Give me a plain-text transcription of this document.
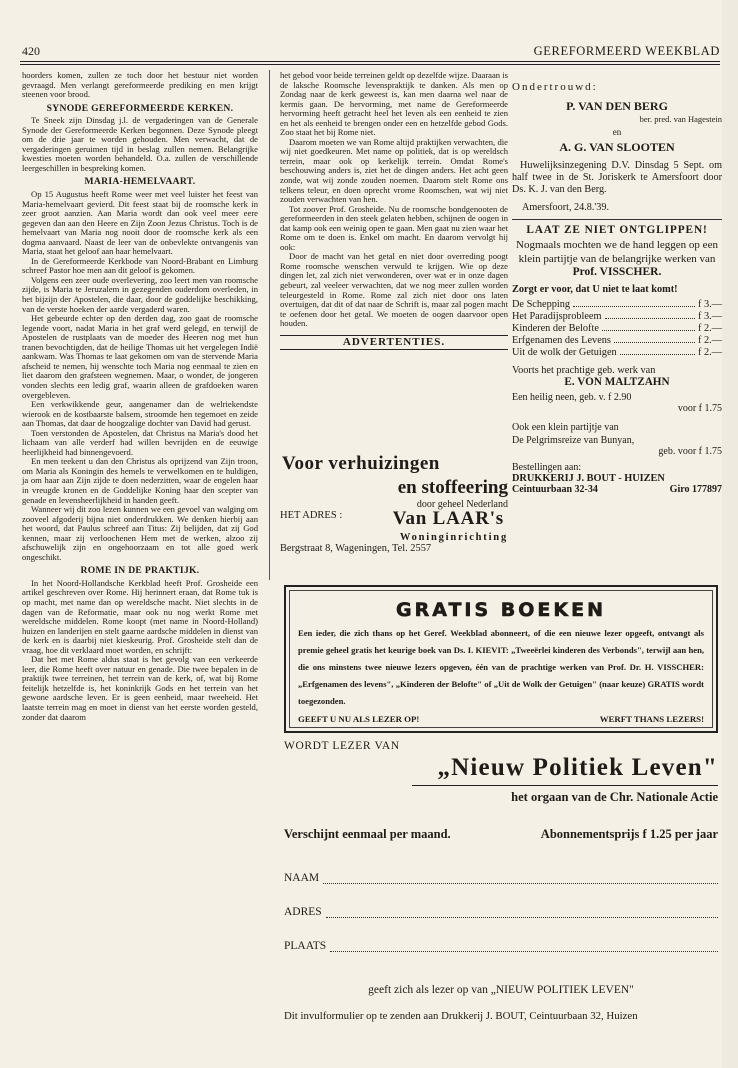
420	GEREFORMEERD WEEKBLAD

hoorders komen, zullen ze toch door het bestuur niet worden gevraagd. Men verlangt gereformeerde prediking en men krijgt steenen voor brood.

SYNODE GEREFORMEERDE KERKEN.

Te Sneek zijn Dinsdag j.l. de vergaderingen van de Generale Synode der Gereformeerde Kerken begonnen. Deze Synode pleegt om de drie jaar te worden gehouden. Men verwacht, dat de vergaderingen geruimen tijd in beslag zullen nemen. Belangrijke kwesties moeten worden behandeld. O.a. zullen de verschillende leergeschillen in bespreking komen.

MARIA-HEMELVAART.

Op 15 Augustus heeft Rome weer met veel luister het feest van Maria-hemelvaart gevierd. Dit feest staat bij de roomsche kerk in zeer groot aanzien. Aan Maria wordt dan ook veel meer eere gegeven dan aan den Heere en Zijn Zoon Jezus Christus. Toch is de hemelvaart van Maria nog nooit door de roomsche kerk als een dogma aanvaard. Naast de leer van de onbevlekte ontvangenis van Maria, staat het geloof aan haar hemelvaart.

In de Gereformeerde Kerkbode van Noord-Brabant en Limburg schreef Pastor hoe men aan dit geloof is gekomen.

Volgens een zeer oude overlevering, zoo leert men van roomsche zijde, is Maria te Jeruzalem in gezegenden ouderdom overleden, in het bijzijn der Apostelen, die daar, door de goddelijke beschikking, van de verste hoeken der aarde vergaderd waren.

Het gebeurde echter op den derden dag, zoo gaat de roomsche legende voort, nadat Maria in het graf werd gelegd, en terwijl de Apostelen de rustplaats van de moeder des Heeren nog met hun tranen bevochtigden, dat de heilige Thomas uit het vergelegen Indië aankwam. Was Thomas te laat gekomen om van de stervende Maria afscheid te nemen, hij wenschte toch Maria nog eenmaal te zien en liet daarom den grafsteen wegnemen. Maar, o wonder, de jongeren vonden slechts een ledig graf, waarin alleen de grafdoeken waren overgebleven.

Een verkwikkende geur, aangenamer dan de welriekendste wierook en de kostbaarste balsem, stroomde hen tegemoet en zeide aan Thomas, dat daar de hoogzalige dochter van David had gerust.

Toen verstonden de Apostelen, dat Christus na Maria's dood het lichaam van alle verderf had willen bevrijden en de eeuwige heerlijkheid had binnengevoerd.

En men teekent u dan den Christus als oprijzend van Zijn troon, om Maria als Koningin des hemels te verwelkomen en te huldigen, ja om haar aan Zijn zijde te doen nederzitten, waar de engelen haar in vreugde kronen en de Goddelijke Koning haar den scepter van genade en levensheerlijkheid in handen geeft.

Wanneer wij dit zoo lezen kunnen we een gevoel van walging om zooveel afgoderij bijna niet onderdrukken. We denken hierbij aan het woord, dat Paulus schreef aan Titus: Zij belijden, dat zij God kennen, maar zij verloochenen Hem met de werken, alzoo zij afschuwelijk zijn en ongehoorzaam en tot alle goed werk ongeschikt.

ROME IN DE PRAKTIJK.

In het Noord-Hollandsche Kerkblad heeft Prof. Grosheide een artikel geschreven over Rome. Hij herinnert eraan, dat Rome tuk is op macht, met name dan op wereldsche macht. Niet slechts in de dagen van de Reformatie, maar ook nu nog werkt Rome met wereldsche middelen. Rome koopt (met name in Noord-Holland) huizen en landerijen en stelt gaarne aardsche middelen in dienst van de kerk en is daarbij niet kieskeurig. Prof. Grosheide stelt dan de vraag, hoe dit verklaard moet worden, en schrijft:

Dat het met Rome aldus staat is het gevolg van een verkeerde leer, die Rome heeft over natuur en genade. Die twee bepalen in de praktijk twee terreinen, het terrein van de kerk, of, wat bij Rome feitelijk hetzelfde is, het koninkrijk Gods en het terrein van het gewone aardsche leven. Er is geen eenheid, maar tweeheid. Het laatste terrein mag en moet in dienst van het eerste worden gesteld, zonder dat daarom

het gebod voor beide terreinen geldt op dezelfde wijze. Daaraan is de laksche Roomsche levenspraktijk te danken. Als men op Zondag naar de kerk geweest is, kan men daarna wel naar de kermis gaan. De hervorming, met name de Gereformeerde hervorming heeft getracht heel het leven als een eenheid te zien en het als eenheid te brengen onder een en hetzelfde gebod Gods. Zoo staat het bij Rome niet.

Daarom moeten we van Rome altijd praktijken verwachten, die wij niet goedkeuren. Met name op politiek, dat is op wereldsch terrein, maar ook op kerkelijk terrein. Omdat Rome's beschouwing anders is, ziet het de dingen anders. Het acht geen zonde, wat wij zonde zouden noemen. Daarom stelt Rome ons telkens teleur, en doen oprecht vrome Roomschen, wat wij niet zouden verwachten van hen.

Tot zoover Prof. Grosheide. Nu de roomsche bondgenooten de gereformeerden in den steek gelaten hebben, schijnen de oogen in dat kamp ook een weinig open te gaan. Men gaat nu zien waar het Rome om te doen is. Enkel om macht. En daarom vervolgt hij ook:

Door de macht van het getal en niet door overreding poogt Rome roomsche wenschen verwuld te krijgen. Wie op deze dingen let, zal zich niet verwonderen, over wat er in onze dagen gebeurt, zal veeleer verwachten, dat we nog meer zullen worden teleurgesteld in Rome. Rome zal zich niet door ons laten overtuigen, dat dit of dat naar de Schrift is, maar zal pogen macht te oefenen door het getal. We moeten de oogen daarvoor open houden.

ADVERTENTIES.
Voor verhuizingen
en stoffeering
door geheel Nederland
HET ADRES :	Van LAAR's
Woninginrichting
Bergstraat 8, Wageningen, Tel. 2557
Ondertrouwd:
P. VAN DEN BERG
ber. pred. van Hagestein
en
A. G. VAN SLOOTEN
Huwelijksinzegening D.V. Dinsdag 5 Sept. om half twee in de St. Joriskerk te Amersfoort door Ds. K. J. van den Berg.
Amersfoort, 24.8.'39.
LAAT ZE NIET ONTGLIPPEN!
Nogmaals mochten we de hand leggen op een klein partijtje van de belangrijke werken van
Prof. VISSCHER.
Zorgt er voor, dat U niet te laat komt!
De Schepping	f 3.—
Het Paradijsprobleem	f 3.—
Kinderen der Belofte	f 2.—
Erfgenamen des Levens	f 2.—
Uit de wolk der Getuigen	f 2.—
Voorts het prachtige geb. werk van
E. VON MALTZAHN
Een heilig neen, geb. v. f 2.90
voor f 1.75
Ook een klein partijtje van
De Pelgrimsreize van Bunyan,
geb. voor f 1.75
Bestellingen aan:
DRUKKERIJ J. BOUT - HUIZEN
Ceintuurbaan 32-34	Giro 177897
GRATIS BOEKEN
Een ieder, die zich thans op het Geref. Weekblad abonneert, of die een nieuwe lezer opgeeft, ontvangt als premie geheel gratis het keurige boek van Ds. I. KIEVIT: „Tweeërlei kinderen des Verbonds", terwijl aan hen, die ons minstens twee nieuwe lezers opgeven, één van de prachtige werken van Prof. Dr. H. VISSCHER: „Erfgenamen des levens", „Kinderen der Belofte" of „Uit de Wolk der Getuigen" (naar keuze) GRATIS wordt toegezonden.
GEEFT U NU ALS LEZER OP!	WERFT THANS LEZERS!
WORDT LEZER VAN
„Nieuw Politiek Leven"
het orgaan van de Chr. Nationale Actie
Verschijnt eenmaal per maand.	Abonnementsprijs f 1.25 per jaar
NAAM
ADRES
PLAATS
geeft zich als lezer op van „NIEUW POLITIEK LEVEN"
Dit invulformulier op te zenden aan Drukkerij J. BOUT, Ceintuurbaan 32, Huizen
